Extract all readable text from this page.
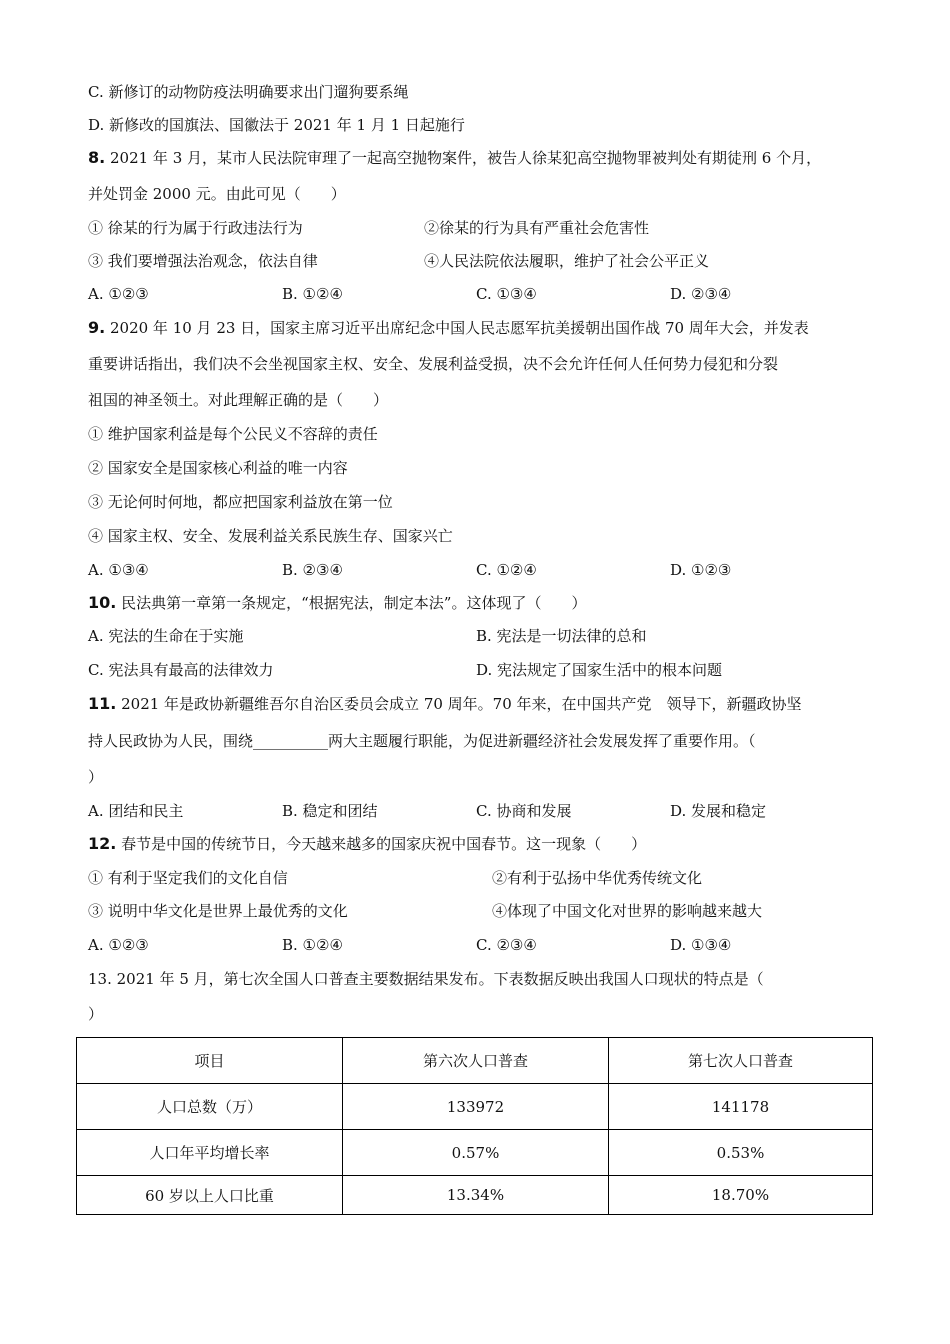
C. 新修订的动物防疫法明确要求出门遛狗要系绳
D. 新修改的国旗法、国徽法于 2021 年 1 月 1 日起施行
8. 2021 年 3 月，某市人民法院审理了一起高空抛物案件，被告人徐某犯高空抛物罪被判处有期徒刑 6 个月，
并处罚金 2000 元。由此可见（　　）
① 徐某的行为属于行政违法行为	②徐某的行为具有严重社会危害性
③ 我们要增强法治观念，依法自律	④人民法院依法履职，维护了社会公平正义
A. ①②③	B. ①②④	C. ①③④	D. ②③④
9. 2020 年 10 月 23 日，国家主席习近平出席纪念中国人民志愿军抗美援朝出国作战 70 周年大会，并发表
重要讲话指出，我们决不会坐视国家主权、安全、发展利益受损，决不会允许任何人任何势力侵犯和分裂
祖国的神圣领土。对此理解正确的是（　　）
① 维护国家利益是每个公民义不容辞的责任
② 国家安全是国家核心利益的唯一内容
③ 无论何时何地，都应把国家利益放在第一位
④ 国家主权、安全、发展利益关系民族生存、国家兴亡
A. ①③④	B. ②③④	C. ①②④	D. ①②③
10. 民法典第一章第一条规定，“根据宪法，制定本法”。这体现了（　　）
A. 宪法的生命在于实施	B. 宪法是一切法律的总和
C. 宪法具有最高的法律效力	D. 宪法规定了国家生活中的根本问题
11. 2021 年是政协新疆维吾尔自治区委员会成立 70 周年。70 年来，在中国共产党　领导下，新疆政协坚
持人民政协为人民，围绕__________两大主题履行职能，为促进新疆经济社会发展发挥了重要作用。（
）
A. 团结和民主	B. 稳定和团结	C. 协商和发展	D. 发展和稳定
12. 春节是中国的传统节日，今天越来越多的国家庆祝中国春节。这一现象（　　）
① 有利于坚定我们的文化自信	②有利于弘扬中华优秀传统文化
③ 说明中华文化是世界上最优秀的文化	④体现了中国文化对世界的影响越来越大
A. ①②③	B. ①②④	C. ②③④	D. ①③④
13. 2021 年 5 月，第七次全国人口普查主要数据结果发布。下表数据反映出我国人口现状的特点是（
）
项目	第六次人口普查	第七次人口普查
人口总数（万）	133972	141178
人口年平均增长率	0.57%	0.53%
60 岁以上人口比重	13.34%	18.70%
